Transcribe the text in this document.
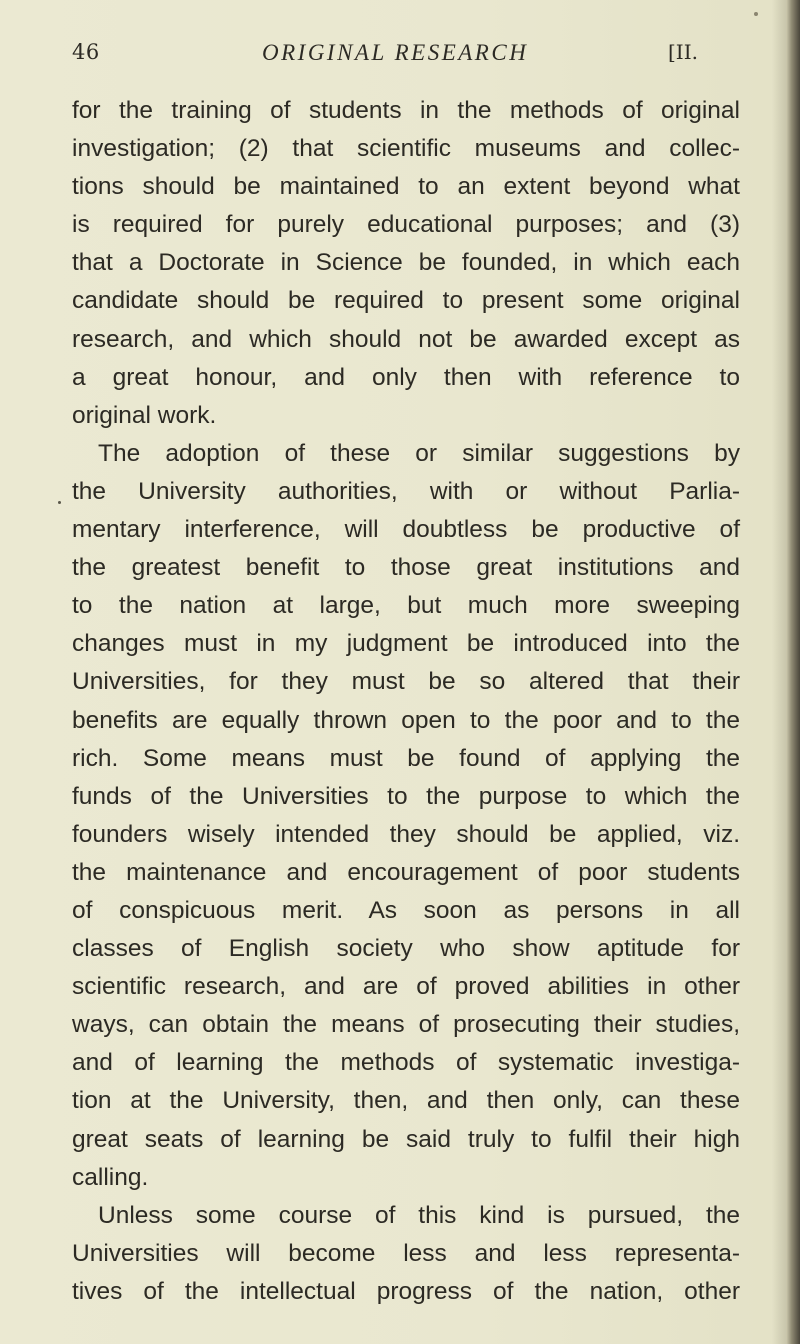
46	ORIGINAL RESEARCH	[II.
for the training of students in the methods of original
investigation; (2) that scientific museums and collec-
tions should be maintained to an extent beyond what
is required for purely educational purposes; and (3)
that a Doctorate in Science be founded, in which each
candidate should be required to present some original
research, and which should not be awarded except as
a great honour, and only then with reference to
original work.
The adoption of these or similar suggestions by
the University authorities, with or without Parlia-
mentary interference, will doubtless be productive of
the greatest benefit to those great institutions and
to the nation at large, but much more sweeping
changes must in my judgment be introduced into the
Universities, for they must be so altered that their
benefits are equally thrown open to the poor and to the
rich. Some means must be found of applying the
funds of the Universities to the purpose to which the
founders wisely intended they should be applied, viz.
the maintenance and encouragement of poor students
of conspicuous merit. As soon as persons in all
classes of English society who show aptitude for
scientific research, and are of proved abilities in other
ways, can obtain the means of prosecuting their studies,
and of learning the methods of systematic investiga-
tion at the University, then, and then only, can these
great seats of learning be said truly to fulfil their high
calling.
Unless some course of this kind is pursued, the
Universities will become less and less representa-
tives of the intellectual progress of the nation, other
